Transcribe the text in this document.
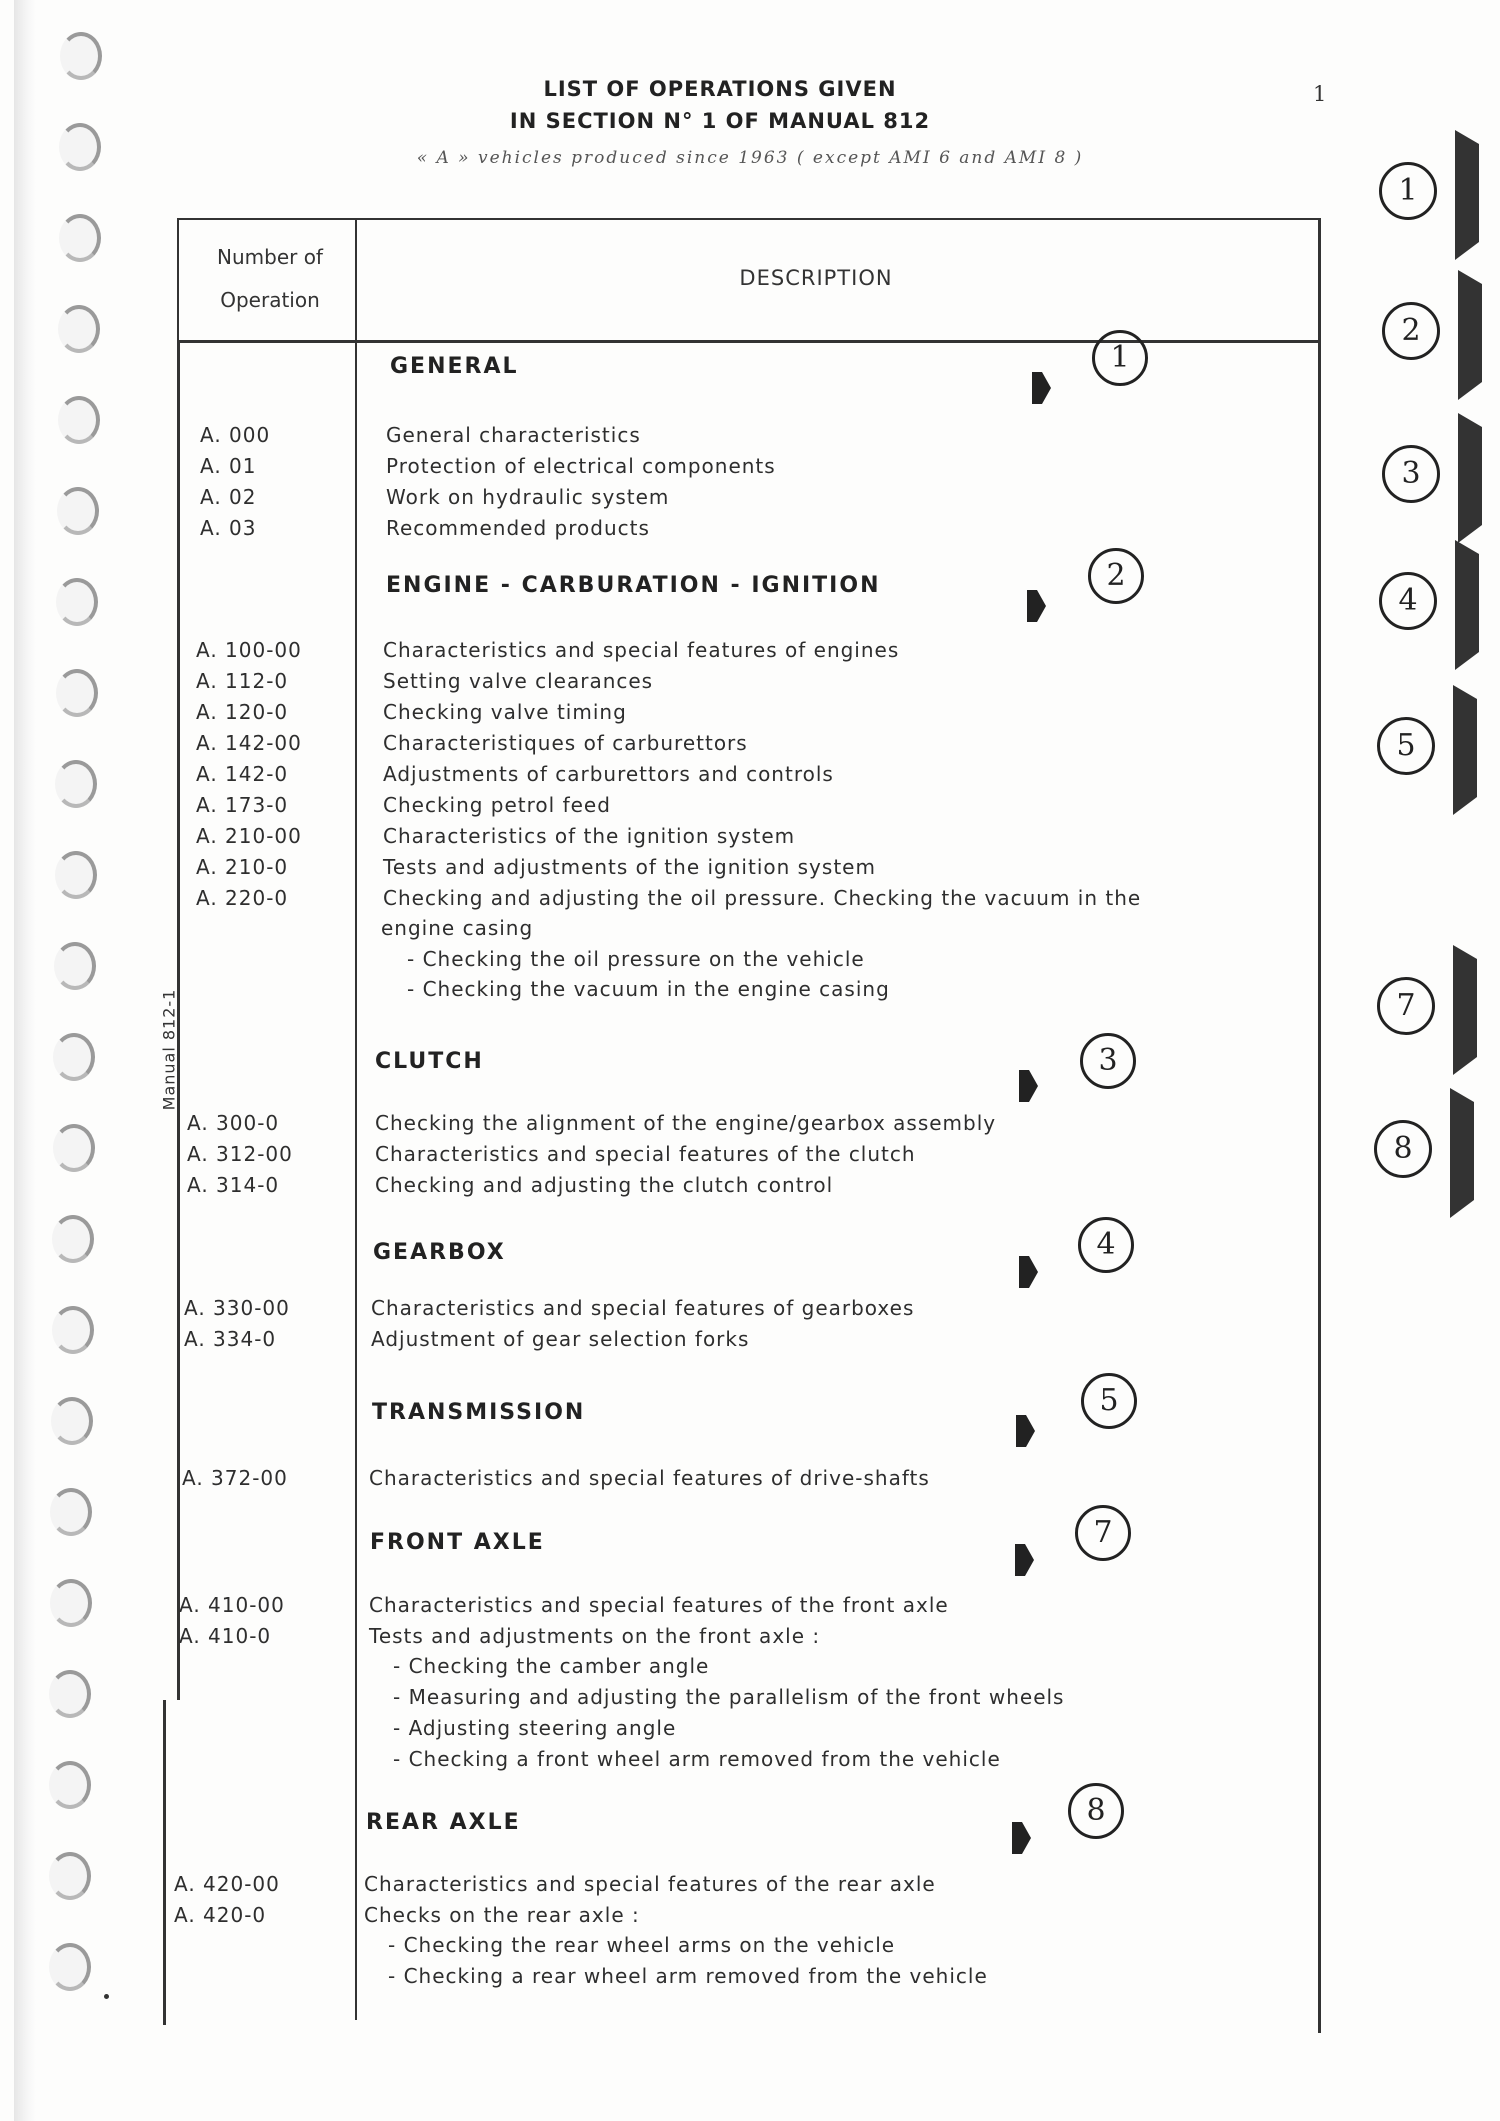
LIST OF OPERATIONS GIVEN
IN SECTION N° 1 OF MANUAL 812
« A » vehicles produced since 1963 ( except AMI 6 and AMI 8 )
1
Manual 812-1
Number of
Operation
DESCRIPTION
GENERAL	1
A. 000	General characteristics
A. 01	Protection of electrical components
A. 02	Work on hydraulic system
A. 03	Recommended products
ENGINE - CARBURATION - IGNITION	2
A. 100-00	Characteristics and special features of engines
A. 112-0	Setting valve clearances
A. 120-0	Checking valve timing
A. 142-00	Characteristiques of carburettors
A. 142-0	Adjustments of carburettors and controls
A. 173-0	Checking petrol feed
A. 210-00	Characteristics of the ignition system
A. 210-0	Tests and adjustments of the ignition system
A. 220-0	Checking and adjusting the oil pressure. Checking the vacuum in the
engine casing
- Checking the oil pressure on the vehicle
- Checking the vacuum in the engine casing
CLUTCH	3
A. 300-0	Checking the alignment of the engine/gearbox assembly
A. 312-00	Characteristics and special features of the clutch
A. 314-0	Checking and adjusting the clutch control
GEARBOX	4
A. 330-00	Characteristics and special features of gearboxes
A. 334-0	Adjustment of gear selection forks
TRANSMISSION	5
A. 372-00	Characteristics and special features of drive-shafts
FRONT AXLE	7
A. 410-00	Characteristics and special features of the front axle
A. 410-0	Tests and adjustments on the front axle :
- Checking the camber angle
- Measuring and adjusting the parallelism of the front wheels
- Adjusting steering angle
- Checking a front wheel arm removed from the vehicle
REAR AXLE	8
A. 420-00	Characteristics and special features of the rear axle
A. 420-0	Checks on the rear axle :
- Checking the rear wheel arms on the vehicle
- Checking a rear wheel arm removed from the vehicle
1
2
3
4
5
7
8
